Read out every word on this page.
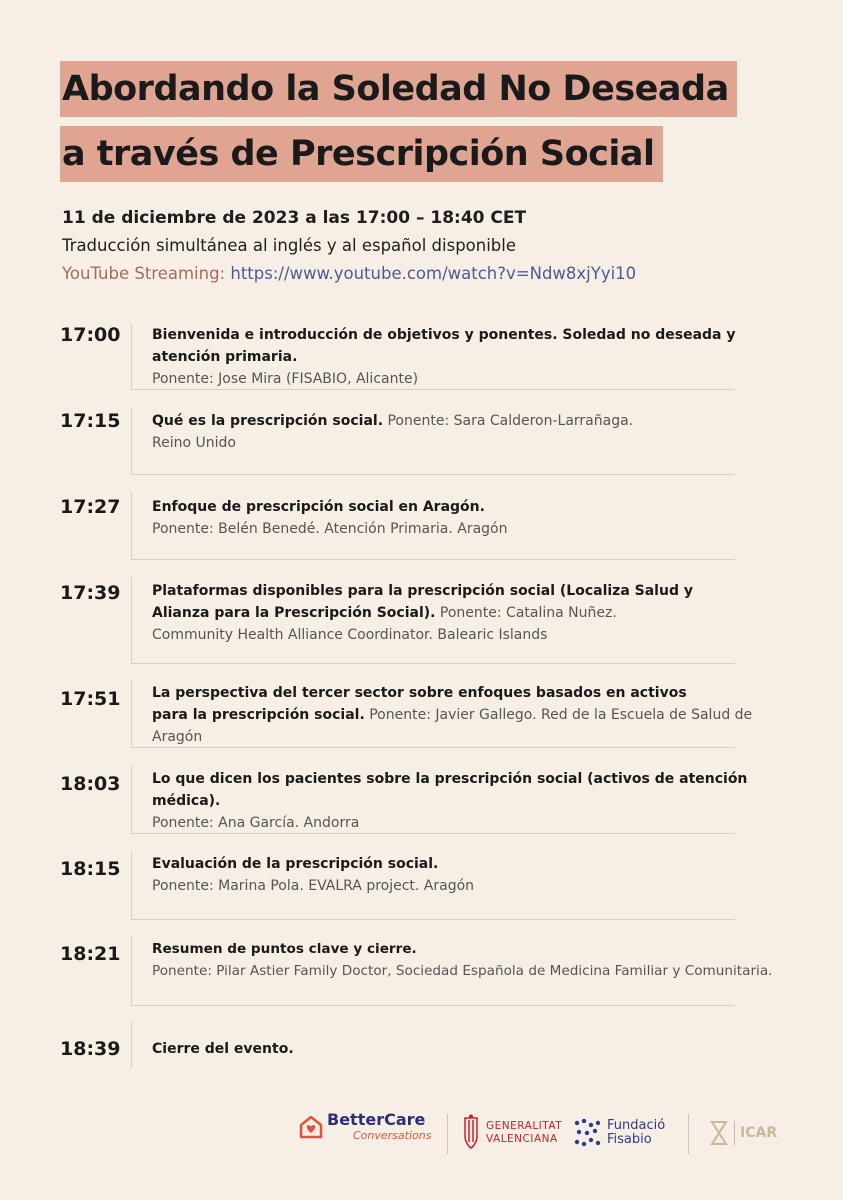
Abordando la Soledad No Deseada
a través de Prescripción Social
11 de diciembre de 2023 a las 17:00 – 18:40 CET
Traducción simultánea al inglés y al español disponible
YouTube Streaming: https://www.youtube.com/watch?v=Ndw8xjYyi10
17:00	Bienvenida e introducción de objetivos y ponentes. Soledad no deseada y atención primaria.
Ponente: Jose Mira (FISABIO, Alicante)
17:15	Qué es la prescripción social. Ponente: Sara Calderon-Larrañaga.
Reino Unido
17:27	Enfoque de prescripción social en Aragón.
Ponente: Belén Benedé. Atención Primaria. Aragón
17:39	Plataformas disponibles para la prescripción social (Localiza Salud y
Alianza para la Prescripción Social). Ponente: Catalina Nuñez.
Community Health Alliance Coordinator. Balearic Islands
17:51	La perspectiva del tercer sector sobre enfoques basados en activos
para la prescripción social. Ponente: Javier Gallego. Red de la Escuela de Salud de Aragón
18:03	Lo que dicen los pacientes sobre la prescripción social (activos de atención médica).
Ponente: Ana García. Andorra
18:15	Evaluación de la prescripción social.
Ponente: Marina Pola. EVALRA project. Aragón
18:21	Resumen de puntos clave y cierre.
Ponente: Pilar Astier Family Doctor, Sociedad Española de Medicina Familiar y Comunitaria.
18:39	Cierre del evento.
BetterCare
Conversations
GENERALITAT
VALENCIANA
Fundació
Fisabio	ICAR
